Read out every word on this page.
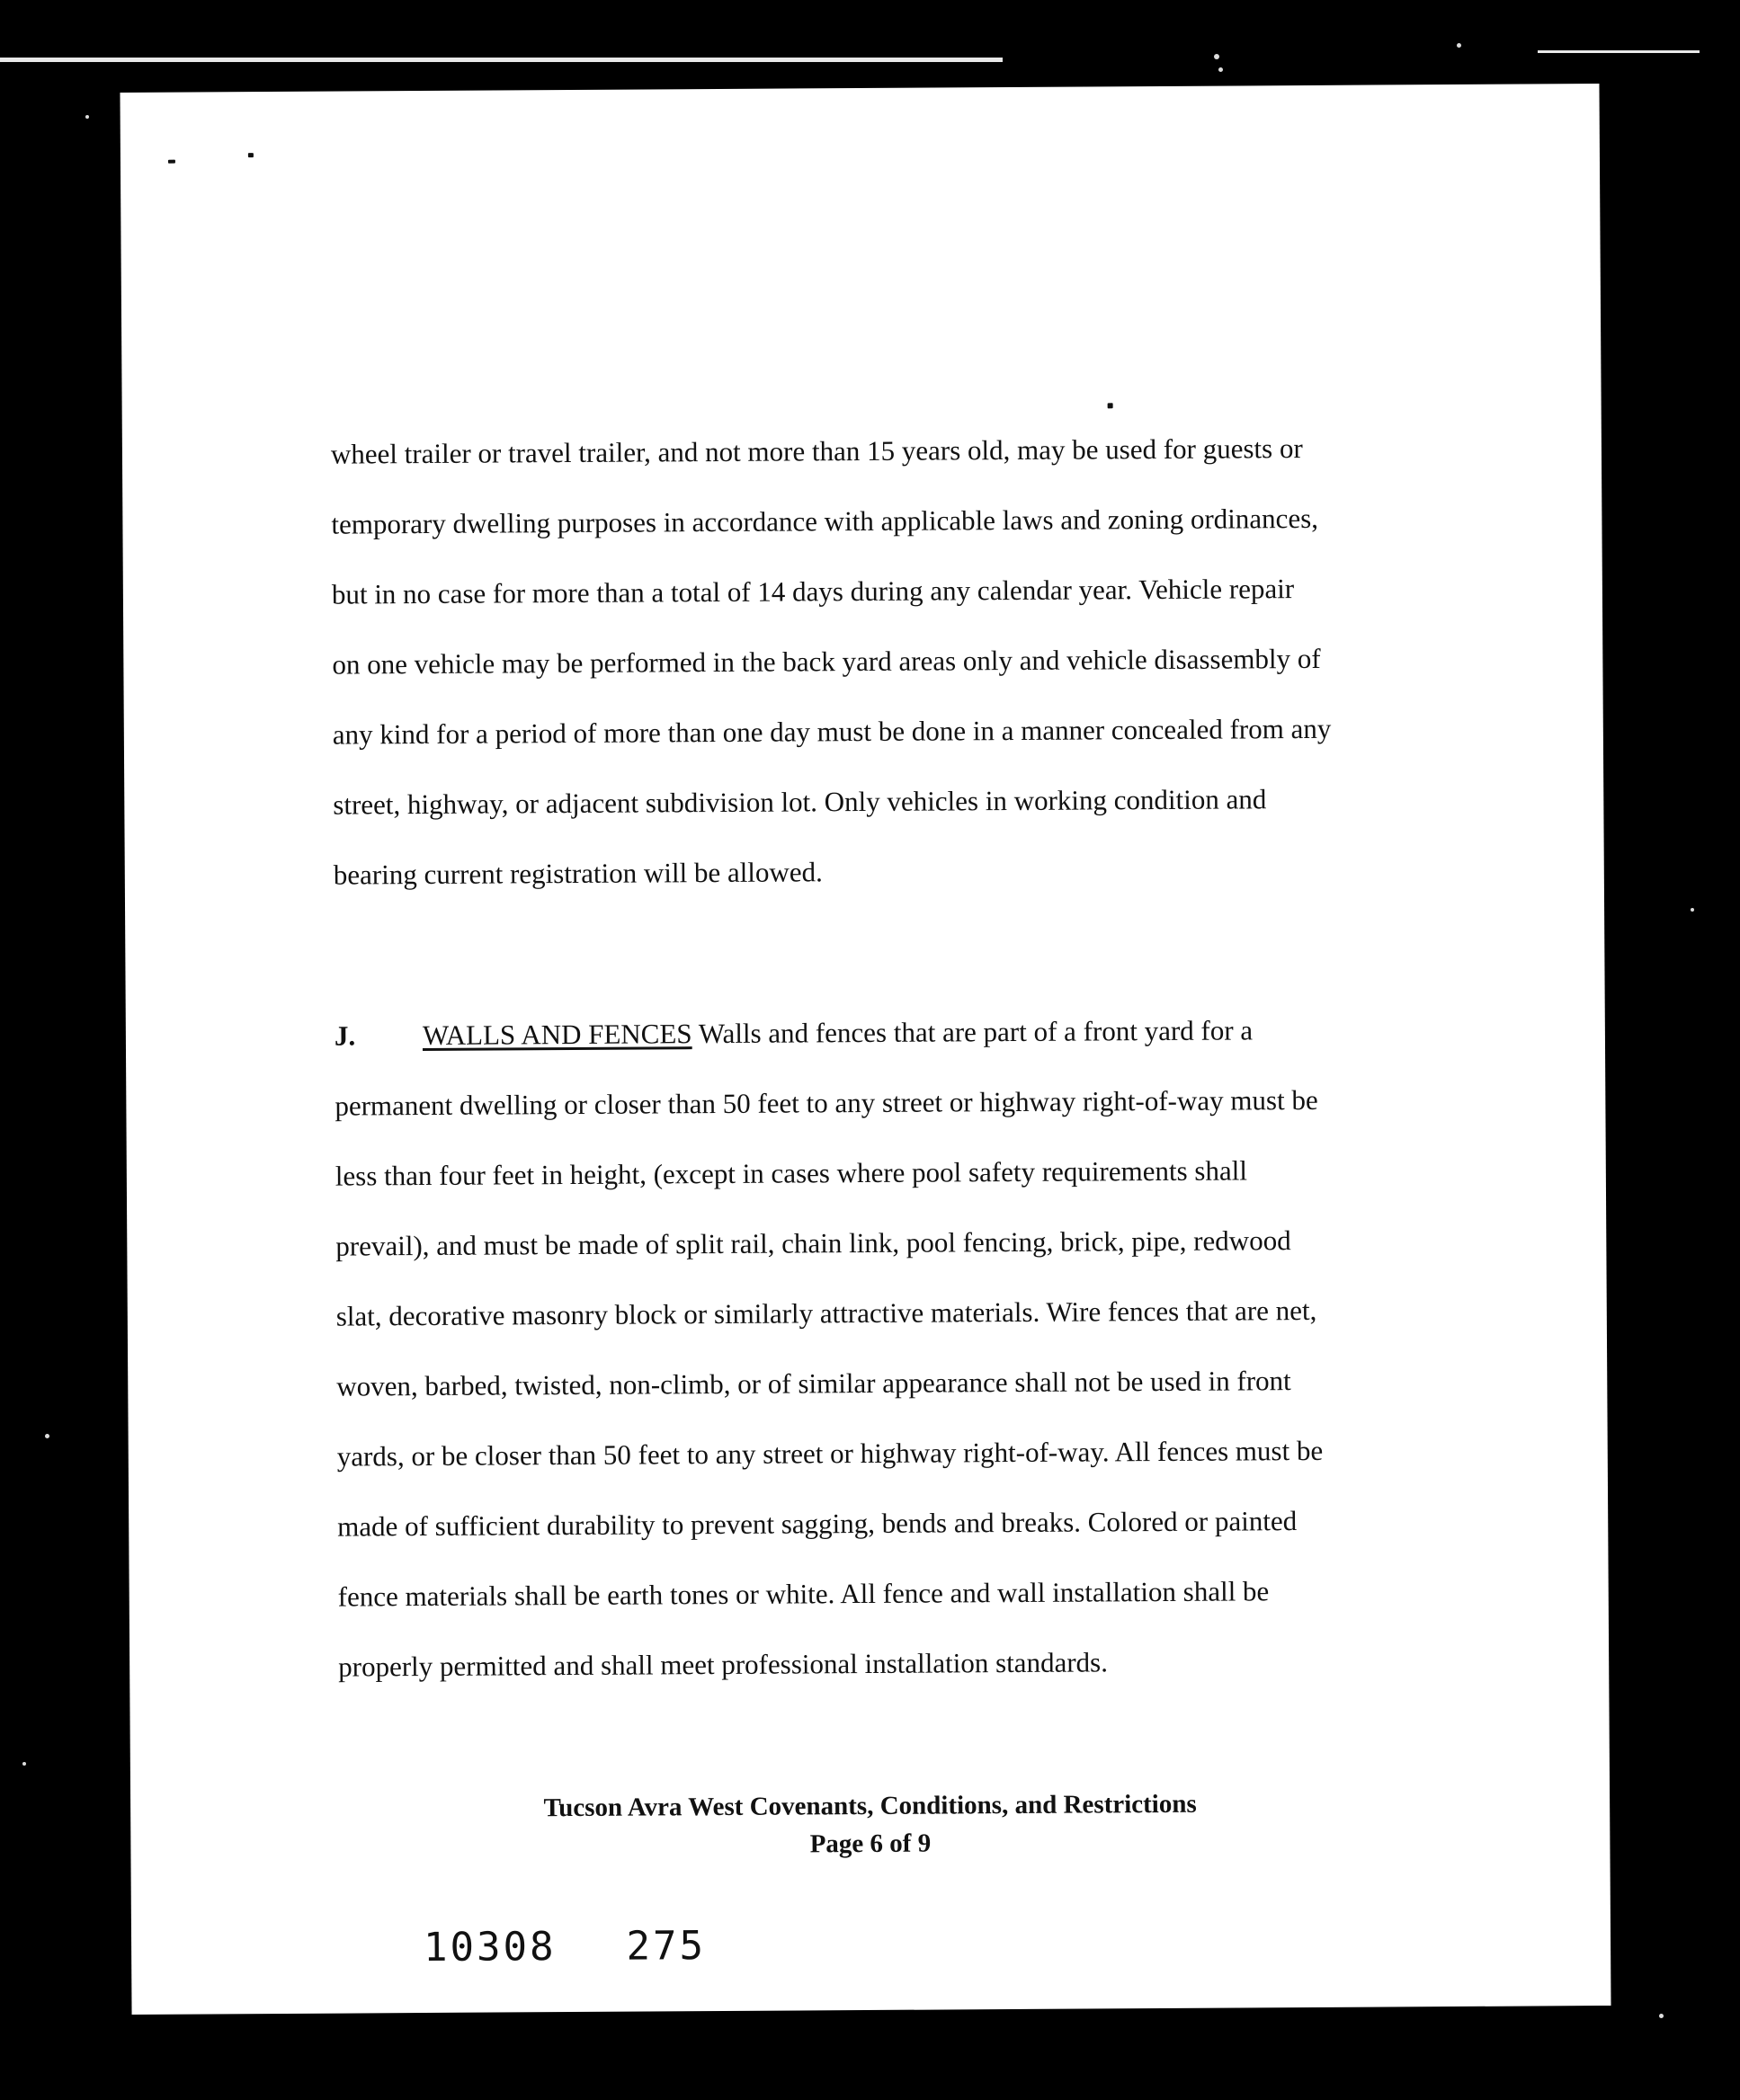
wheel trailer or travel trailer, and not more than 15 years old, may be used for guests or
temporary dwelling purposes in accordance with applicable laws and zoning ordinances,
but in no case for more than a total of 14 days during any calendar year. Vehicle repair
on one vehicle may be performed in the back yard areas only and vehicle disassembly of
any kind for a period of more than one day must be done in a manner concealed from any
street, highway, or adjacent subdivision lot. Only vehicles in working condition and
bearing current registration will be allowed.
J. WALLS AND FENCES Walls and fences that are part of a front yard for a
permanent dwelling or closer than 50 feet to any street or highway right-of-way must be
less than four feet in height, (except in cases where pool safety requirements shall
prevail), and must be made of split rail, chain link, pool fencing, brick, pipe, redwood
slat, decorative masonry block or similarly attractive materials. Wire fences that are net,
woven, barbed, twisted, non-climb, or of similar appearance shall not be used in front
yards, or be closer than 50 feet to any street or highway right-of-way. All fences must be
made of sufficient durability to prevent sagging, bends and breaks. Colored or painted
fence materials shall be earth tones or white. All fence and wall installation shall be
properly permitted and shall meet professional installation standards.
Tucson Avra West Covenants, Conditions, and Restrictions
Page 6 of 9
10308 275
